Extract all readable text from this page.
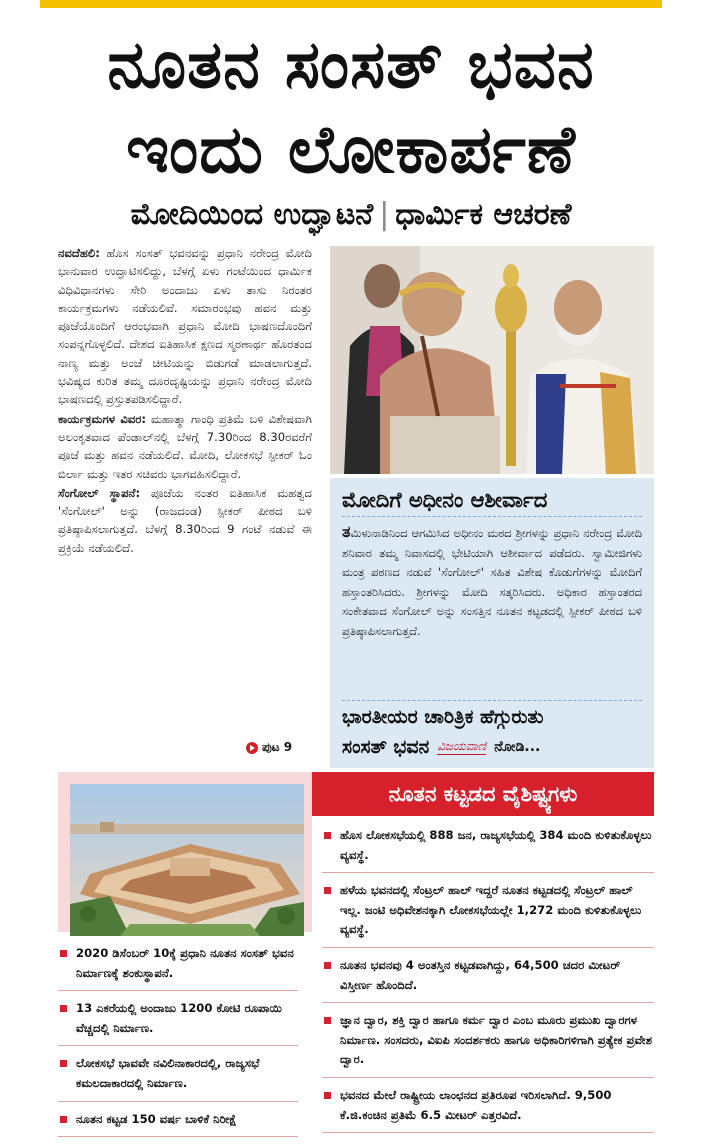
ನೂತನ ಸಂಸತ್ ಭವನ
ಇಂದು ಲೋಕಾರ್ಪಣೆ
ಮೋದಿಯಿಂದ ಉದ್ಘಾಟನೆ | ಧಾರ್ಮಿಕ ಆಚರಣೆ

ನವದೆಹಲಿ: ಹೊಸ ಸಂಸತ್ ಭವನವನ್ನು ಪ್ರಧಾನಿ ನರೇಂದ್ರ ಮೋದಿ ಭಾನುವಾರ ಉದ್ಘಾಟಿಸಲಿದ್ದು, ಬೆಳಗ್ಗೆ ಏಳು ಗಂಟೆಯಿಂದ ಧಾರ್ಮಿಕ ವಿಧಿವಿಧಾನಗಳು ಸೇರಿ ಅಂದಾಜು ಏಳು ತಾಸು ನಿರಂತರ ಕಾರ್ಯಕ್ರಮಗಳು ನಡೆಯಲಿವೆ. ಸಮಾರಂಭವು ಹವನ ಮತ್ತು ಪೂಜೆಯೊಂದಿಗೆ ಆರಂಭವಾಗಿ ಪ್ರಧಾನಿ ಮೋದಿ ಭಾಷಣದೊಂದಿಗೆ ಸಂಪನ್ನಗೊಳ್ಳಲಿದೆ. ದೇಶದ ಐತಿಹಾಸಿಕ ಕ್ಷಣದ ಸ್ಮರಣಾರ್ಥ ಹೊರತಂದ ನಾಣ್ಯ ಮತ್ತು ಅಂಚೆ ಚೀಟಿಯನ್ನು ಬಿಡುಗಡೆ ಮಾಡಲಾಗುತ್ತದೆ. ಭವಿಷ್ಯದ ಕುರಿತ ತಮ್ಮ ದೂರದೃಷ್ಟಿಯನ್ನು ಪ್ರಧಾನಿ ನರೇಂದ್ರ ಮೋದಿ ಭಾಷಣದಲ್ಲಿ ಪ್ರಸ್ತುತಪಡಿಸಲಿದ್ದಾರೆ.

ಕಾರ್ಯಕ್ರಮಗಳ ವಿವರ: ಮಹಾತ್ಮಾ ಗಾಂಧಿ ಪ್ರತಿಮೆ ಬಳಿ ವಿಶೇಷವಾಗಿ ಅಲಂಕೃತವಾದ ಪೆಂಡಾಲ್‌ನಲ್ಲಿ ಬೆಳಗ್ಗೆ 7.30ರಿಂದ 8.30ರವರೆಗೆ ಪೂಜೆ ಮತ್ತು ಹವನ ನಡೆಯಲಿದೆ. ಮೋದಿ, ಲೋಕಸಭೆ ಸ್ಪೀಕರ್ ಓಂ ಬಿರ್ಲಾ ಮತ್ತು ಇತರ ಸಚಿವರು ಭಾಗವಹಿಸಲಿದ್ದಾರೆ.

ಸೆಂಗೋಲ್ ಸ್ಥಾಪನೆ: ಪೂಜೆಯ ನಂತರ ಐತಿಹಾಸಿಕ ಮಹತ್ವದ 'ಸೆಂಗೋಲ್' ಅನ್ನು (ರಾಜದಂಡ) ಸ್ಪೀಕರ್ ಪೀಠದ ಬಳಿ ಪ್ರತಿಷ್ಠಾಪಿಸಲಾಗುತ್ತದೆ. ಬೆಳಗ್ಗೆ 8.30ರಿಂದ 9 ಗಂಟೆ ನಡುವೆ ಈ ಪ್ರಕ್ರಿಯೆ ನಡೆಯಲಿದೆ.

ಪುಟ 9
ಮೋದಿಗೆ ಅಧೀನಂ ಆಶೀರ್ವಾದ
ತಮಿಳುನಾಡಿನಿಂದ ಆಗಮಿಸಿದ ಅಧೀನಂ ಮಠದ ಶ್ರೀಗಳನ್ನು ಪ್ರಧಾನಿ ನರೇಂದ್ರ ಮೋದಿ ಶನಿವಾರ ತಮ್ಮ ನಿವಾಸದಲ್ಲಿ ಭೇಟಿಯಾಗಿ ಆಶೀರ್ವಾದ ಪಡೆದರು. ಸ್ವಾಮೀಜಿಗಳು ಮಂತ್ರ ಪಠಣದ ನಡುವೆ 'ಸೆಂಗೋಲ್' ಸಹಿತ ವಿಶೇಷ ಕೊಡುಗೆಗಳನ್ನು ಮೋದಿಗೆ ಹಸ್ತಾಂತರಿಸಿದರು. ಶ್ರೀಗಳನ್ನು ಮೋದಿ ಸತ್ಕರಿಸಿದರು. ಅಧಿಕಾರ ಹಸ್ತಾಂತರದ ಸಂಕೇತವಾದ ಸೆಂಗೋಲ್ ಅನ್ನು ಸಂಸತ್ತಿನ ನೂತನ ಕಟ್ಟಡದಲ್ಲಿ ಸ್ಪೀಕರ್ ಪೀಠದ ಬಳಿ ಪ್ರತಿಷ್ಠಾಪಿಸಲಾಗುತ್ತದೆ.
ಭಾರತೀಯರ ಚಾರಿತ್ರಿಕ ಹೆಗ್ಗುರುತು
ಸಂಸತ್ ಭವನ ವಿಜಯವಾಣಿ ನೋಡಿ...
ನೂತನ ಕಟ್ಟಡದ ವೈಶಿಷ್ಟ್ಯಗಳು
ಹೊಸ ಲೋಕಸಭೆಯಲ್ಲಿ 888 ಜನ, ರಾಜ್ಯಸಭೆಯಲ್ಲಿ 384 ಮಂದಿ ಕುಳಿತುಕೊಳ್ಳಲು ವ್ಯವಸ್ಥೆ.
ಹಳೆಯ ಭವನದಲ್ಲಿ ಸೆಂಟ್ರಲ್ ಹಾಲ್ ಇದ್ದರೆ ನೂತನ ಕಟ್ಟಡದಲ್ಲಿ ಸೆಂಟ್ರಲ್ ಹಾಲ್ ಇಲ್ಲ. ಜಂಟಿ ಅಧಿವೇಶನಕ್ಕಾಗಿ ಲೋಕಸಭೆಯಲ್ಲೇ 1,272 ಮಂದಿ ಕುಳಿತುಕೊಳ್ಳಲು ವ್ಯವಸ್ಥೆ.
ನೂತನ ಭವನವು 4 ಅಂತಸ್ತಿನ ಕಟ್ಟಡವಾಗಿದ್ದು, 64,500 ಚದರ ಮೀಟರ್ ವಿಸ್ತೀರ್ಣ ಹೊಂದಿದೆ.
ಜ್ಞಾನ ದ್ವಾರ, ಶಕ್ತಿ ದ್ವಾರ ಹಾಗೂ ಕರ್ಮ ದ್ವಾರ ಎಂಬ ಮೂರು ಪ್ರಮುಖ ದ್ವಾರಗಳ ನಿರ್ಮಾಣ. ಸಂಸದರು, ವಿಐಪಿ ಸಂದರ್ಶಕರು ಹಾಗೂ ಅಧಿಕಾರಿಗಳಿಗಾಗಿ ಪ್ರತ್ಯೇಕ ಪ್ರವೇಶ ದ್ವಾರ.
ಭವನದ ಮೇಲೆ ರಾಷ್ಟ್ರೀಯ ಲಾಂಛನದ ಪ್ರತಿರೂಪ ಇರಿಸಲಾಗಿದೆ. 9,500 ಕೆ.ಜಿ.ಕಂಚಿನ ಪ್ರತಿಮೆ 6.5 ಮೀಟರ್ ಎತ್ತರವಿದೆ.
2020 ಡಿಸೆಂಬರ್ 10ಕ್ಕೆ ಪ್ರಧಾನಿ ನೂತನ ಸಂಸತ್ ಭವನ ನಿರ್ಮಾಣಕ್ಕೆ ಶಂಕುಸ್ಥಾಪನೆ.
13 ಎಕರೆಯಲ್ಲಿ ಅಂದಾಜು 1200 ಕೋಟಿ ರೂಪಾಯಿ ವೆಚ್ಚದಲ್ಲಿ ನಿರ್ಮಾಣ.
ಲೋಕಸಭೆ ಭಾವವೇ ನವಿಲಿನಾಕಾರದಲ್ಲಿ, ರಾಜ್ಯಸಭೆ ಕಮಲದಾಕಾರದಲ್ಲಿ ನಿರ್ಮಾಣ.
ನೂತನ ಕಟ್ಟಡ 150 ವರ್ಷ ಬಾಳಿಕೆ ನಿರೀಕ್ಷೆ
